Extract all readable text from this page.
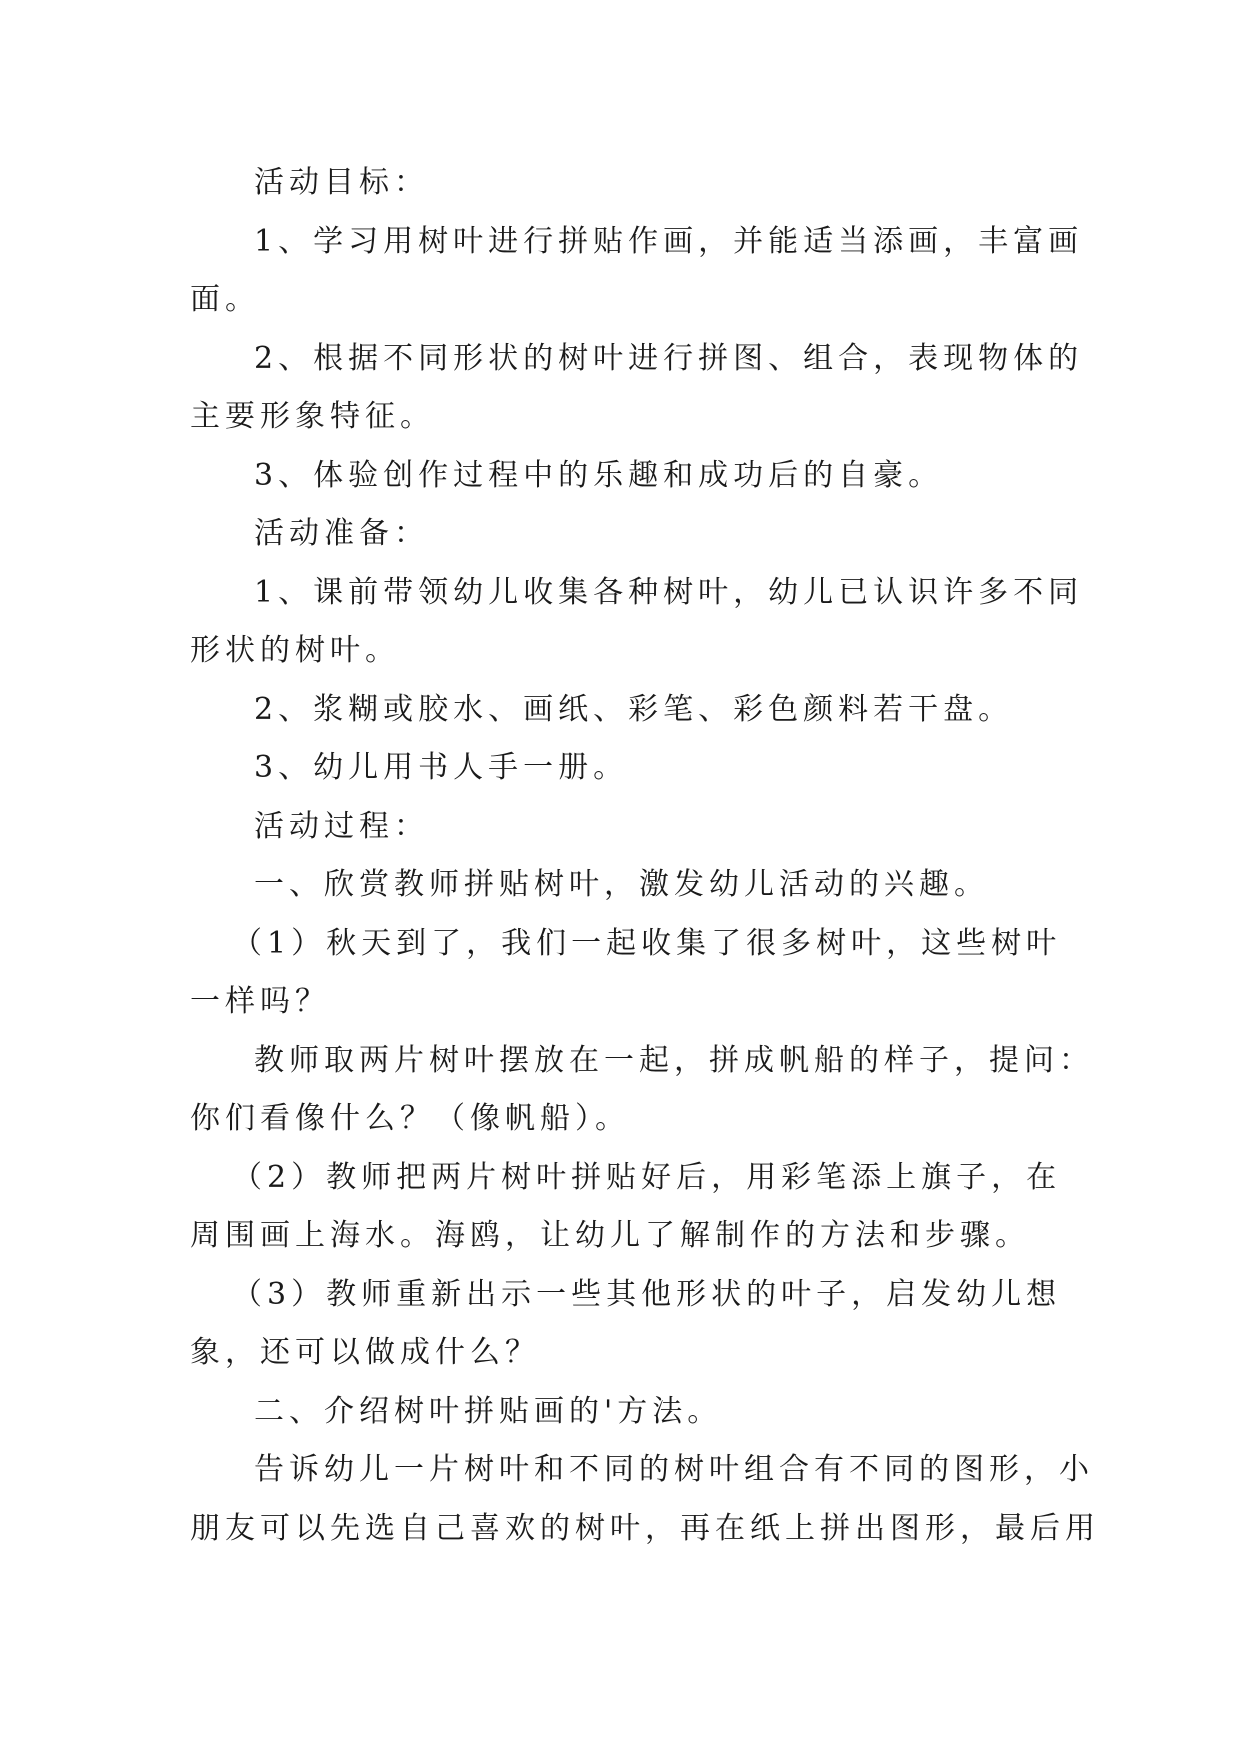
活动目标：
1、学习用树叶进行拼贴作画，并能适当添画，丰富画
面。
2、根据不同形状的树叶进行拼图、组合，表现物体的
主要形象特征。
3、体验创作过程中的乐趣和成功后的自豪。
活动准备：
1、课前带领幼儿收集各种树叶，幼儿已认识许多不同
形状的树叶。
2、浆糊或胶水、画纸、彩笔、彩色颜料若干盘。
3、幼儿用书人手一册。
活动过程：
一、欣赏教师拼贴树叶，激发幼儿活动的兴趣。
（1）秋天到了，我们一起收集了很多树叶，这些树叶
一样吗？
教师取两片树叶摆放在一起，拼成帆船的样子，提问：
你们看像什么？（像帆船）。
（2）教师把两片树叶拼贴好后，用彩笔添上旗子，在
周围画上海水。海鸥，让幼儿了解制作的方法和步骤。
（3）教师重新出示一些其他形状的叶子，启发幼儿想
象，还可以做成什么？
二、介绍树叶拼贴画的'方法。
告诉幼儿一片树叶和不同的树叶组合有不同的图形，小
朋友可以先选自己喜欢的树叶，再在纸上拼出图形，最后用
